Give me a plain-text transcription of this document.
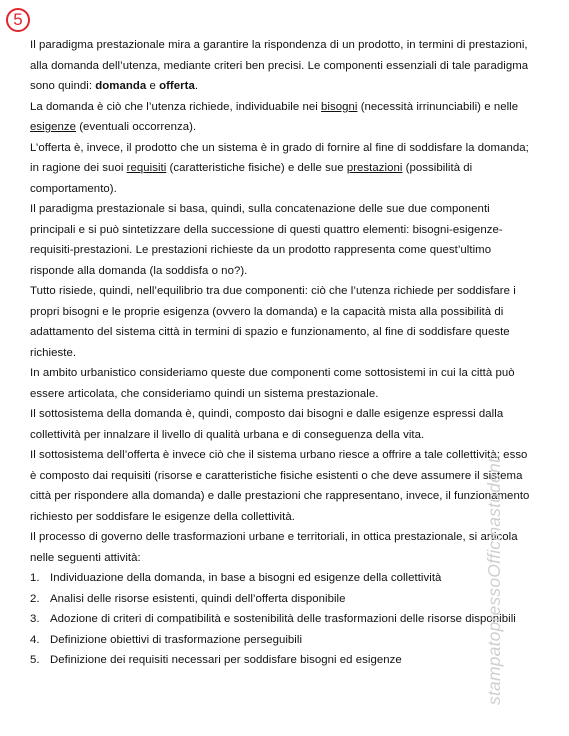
5

Il paradigma prestazionale mira a garantire la rispondenza di un prodotto, in termini di prestazioni, alla domanda dell’utenza, mediante criteri ben precisi. Le componenti essenziali di tale paradigma sono quindi: domanda e offerta.

La domanda è ciò che l’utenza richiede, individuabile nei bisogni (necessità irrinunciabili) e nelle esigenze (eventuali occorrenza).

L’offerta è, invece, il prodotto che un sistema è in grado di fornire al fine di soddisfare la domanda; in ragione dei suoi requisiti (caratteristiche fisiche) e delle sue prestazioni (possibilità di comportamento).

Il paradigma prestazionale si basa, quindi, sulla concatenazione delle sue due componenti principali e si può sintetizzare della successione di questi quattro elementi: bisogni-esigenze-requisiti-prestazioni. Le prestazioni richieste da un prodotto rappresenta come quest’ultimo risponde alla domanda (la soddisfa o no?).

Tutto risiede, quindi, nell’equilibrio tra due componenti: ciò che l’utenza richiede per soddisfare i propri bisogni e le proprie esigenza (ovvero la domanda) e la capacità mista alla possibilità di adattamento del sistema città in termini di spazio e funzionamento, al fine di soddisfare queste richieste.

In ambito urbanistico consideriamo queste due componenti come sottosistemi in cui la città può essere articolata, che consideriamo quindi un sistema prestazionale.

Il sottosistema della domanda è, quindi, composto dai bisogni e dalle esigenze espressi dalla collettività per innalzare il livello di qualità urbana e di conseguenza della vita.

Il sottosistema dell’offerta è invece ciò che il sistema urbano riesce a offrire a tale collettività; esso è composto dai requisiti (risorse e caratteristiche fisiche esistenti o che deve assumere il sistema città per rispondere alla domanda) e dalle prestazioni che rappresentano, invece, il funzionamento richiesto per soddisfare le esigenze della collettività.

Il processo di governo delle trasformazioni urbane e territoriali, in ottica prestazionale, si articola nelle seguenti attività:

1. Individuazione della domanda, in base a bisogni ed esigenze della collettività
2. Analisi delle risorse esistenti, quindi dell’offerta disponibile
3. Adozione di criteri di compatibilità e sostenibilità delle trasformazioni delle risorse disponibili
4. Definizione obiettivi di trasformazione perseguibili
5. Definizione dei requisiti necessari per soddisfare bisogni ed esigenze	stampatopressoOfficinastudenti
